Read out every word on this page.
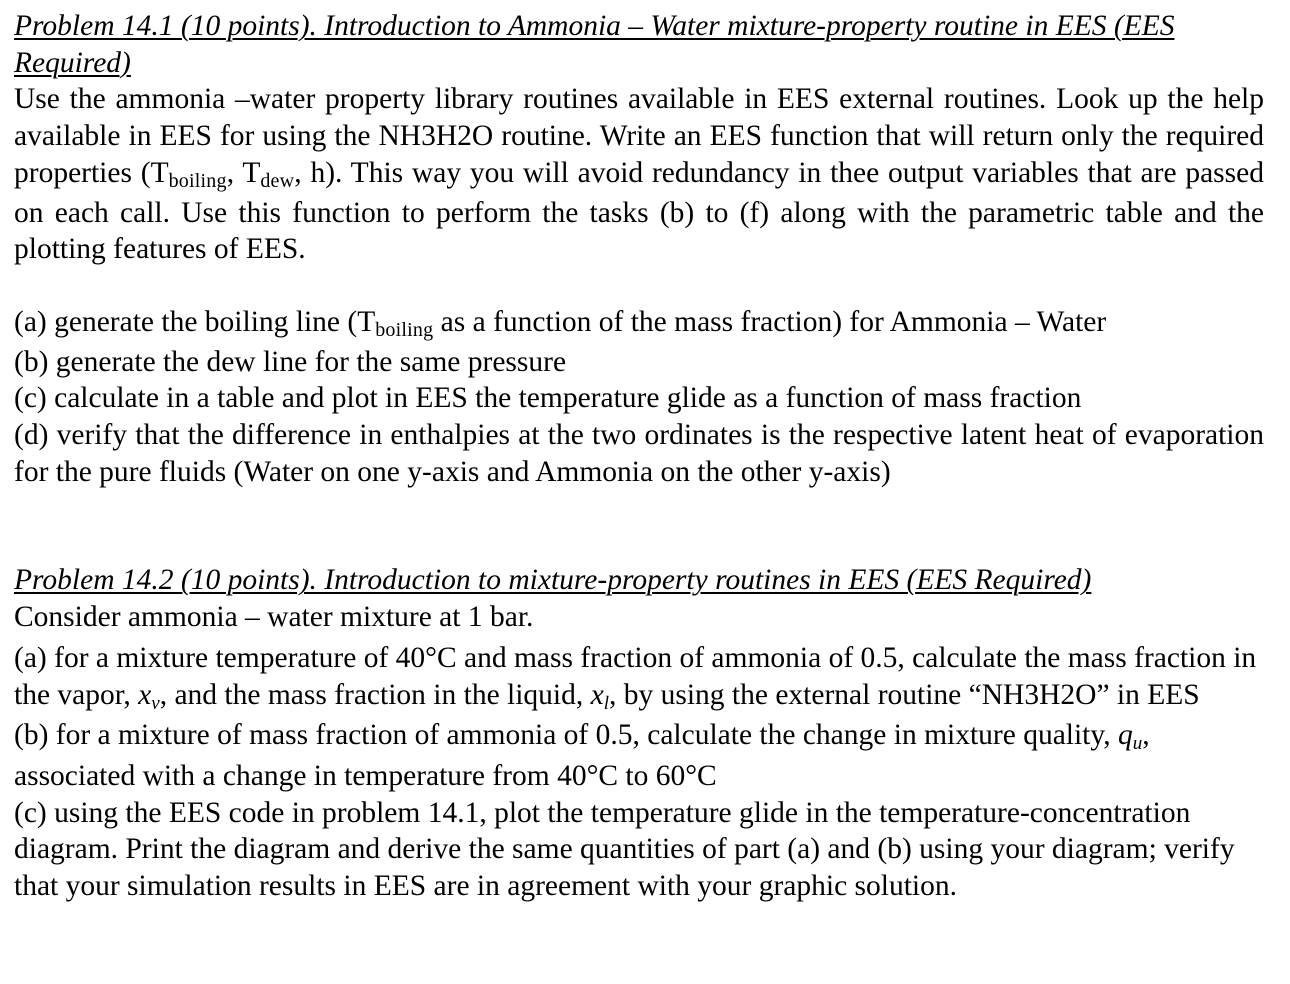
Problem 14.1 (10 points). Introduction to Ammonia – Water mixture-property routine in EES (EES Required)

Use the ammonia –water property library routines available in EES external routines. Look up the help available in EES for using the NH3H2O routine. Write an EES function that will return only the required properties (Tboiling, Tdew, h). This way you will avoid redundancy in thee output variables that are passed on each call. Use this function to perform the tasks (b) to (f) along with the parametric table and the plotting features of EES.

(a) generate the boiling line (Tboiling as a function of the mass fraction) for Ammonia – Water

(b) generate the dew line for the same pressure

(c) calculate in a table and plot in EES the temperature glide as a function of mass fraction

(d) verify that the difference in enthalpies at the two ordinates is the respective latent heat of evaporation for the pure fluids (Water on one y-axis and Ammonia on the other y-axis)

Problem 14.2 (10 points). Introduction to mixture-property routines in EES (EES Required)

Consider ammonia – water mixture at 1 bar.

(a) for a mixture temperature of 40°C and mass fraction of ammonia of 0.5, calculate the mass fraction in the vapor, xv, and the mass fraction in the liquid, xl, by using the external routine “NH3H2O” in EES

(b) for a mixture of mass fraction of ammonia of 0.5, calculate the change in mixture quality, qu, associated with a change in temperature from 40°C to 60°C

(c) using the EES code in problem 14.1, plot the temperature glide in the temperature-concentration diagram. Print the diagram and derive the same quantities of part (a) and (b) using your diagram; verify that your simulation results in EES are in agreement with your graphic solution.
